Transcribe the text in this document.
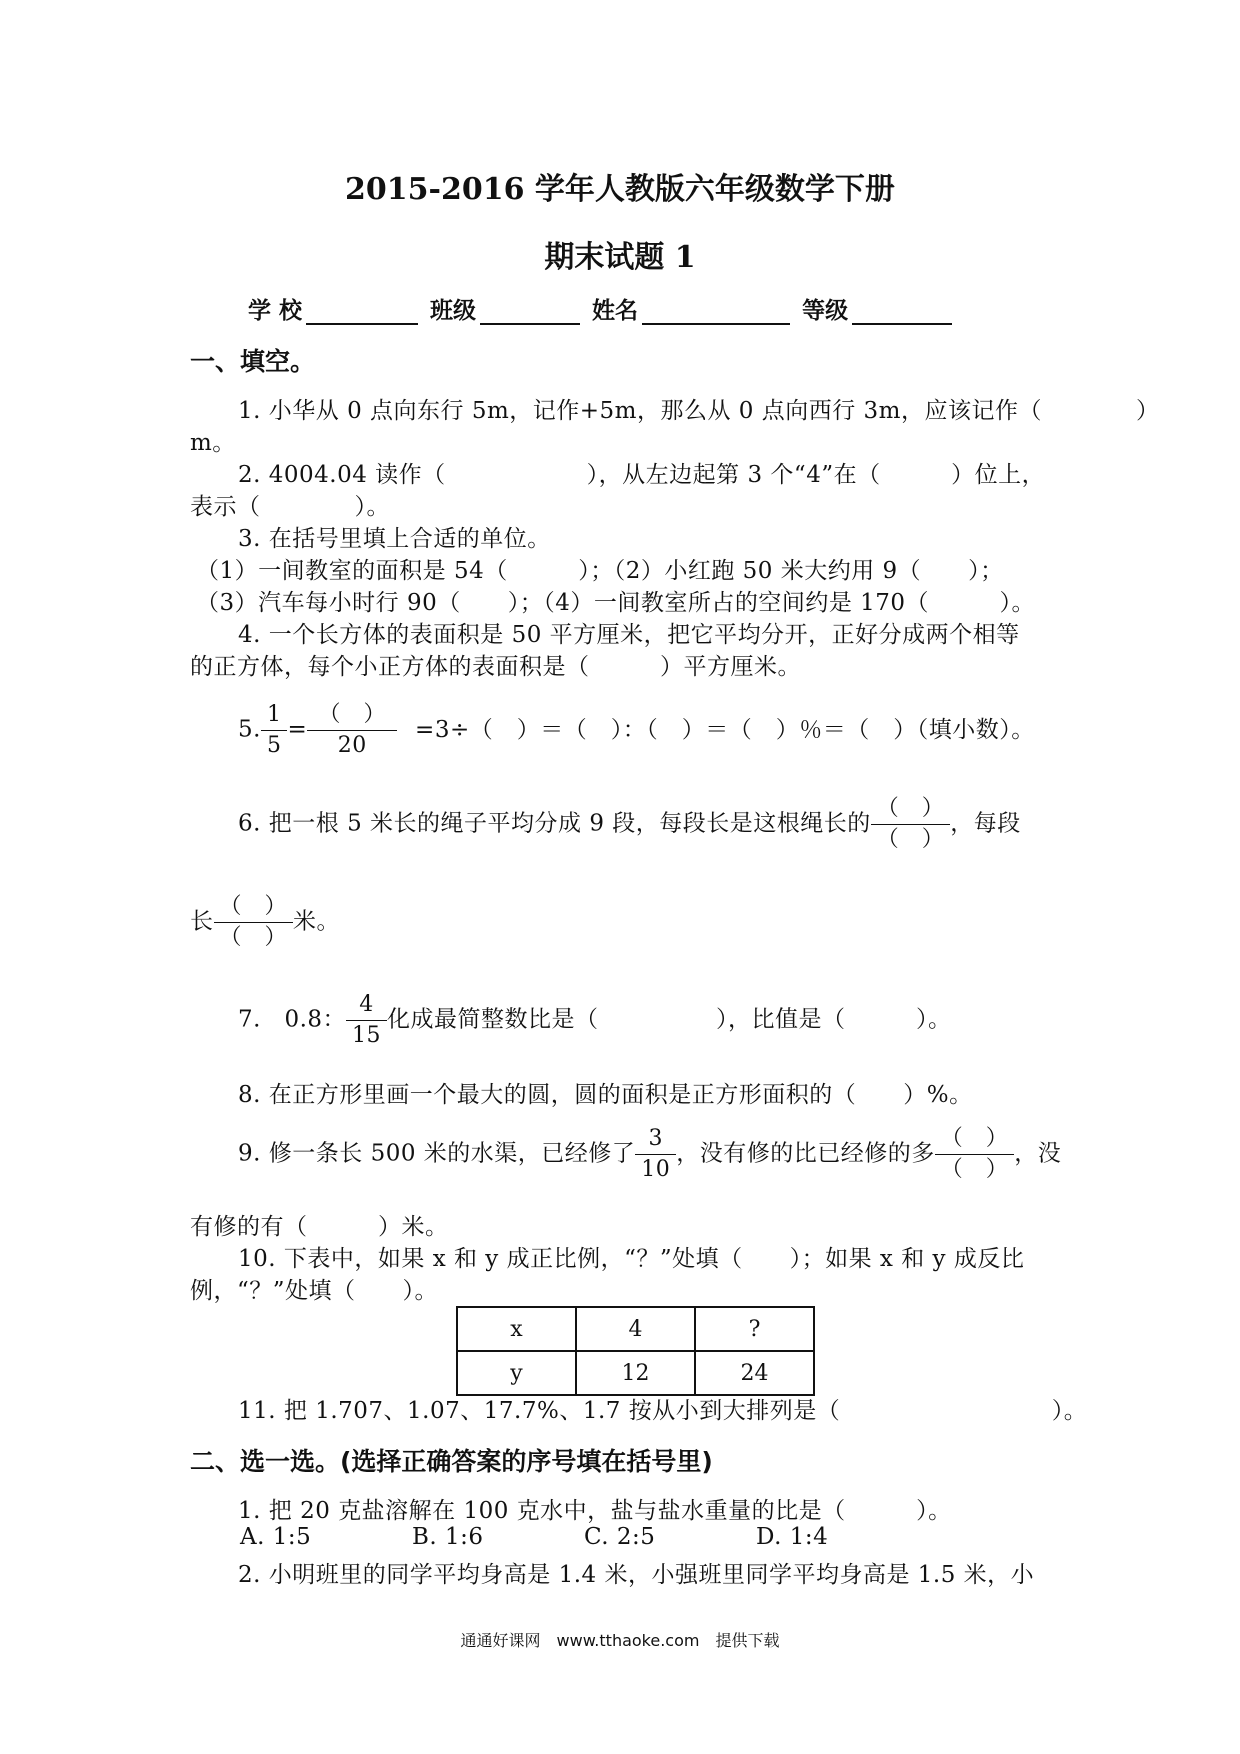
2015-2016 学年人教版六年级数学下册
期末试题 1
学 校	班级	姓名	等级
一、填空。
1. 小华从 0 点向东行 5m，记作+5m，那么从 0 点向西行 3m，应该记作（　　　　）
m。
2. 4004.04 读作（　　　　　　），从左边起第 3 个“4”在（　　　）位上，
表示（　　　　）。
3. 在括号里填上合适的单位。
（1）一间教室的面积是 54（　　　）；（2）小红跑 50 米大约用 9（　　）；
（3）汽车每小时行 90（　　）；（4）一间教室所占的空间约是 170（　　　）。
4. 一个长方体的表面积是 50 平方厘米，把它平均分开，正好分成两个相等
的正方体，每个小正方体的表面积是（　　　）平方厘米。
5. $\frac{1}{5} = \frac{( )}{20} =3\div$（　）＝（　）：（　）＝（　）％＝（　）（填小数）。
6. 把一根 5 米长的绳子平均分成 9 段，每段长是这根绳长的 $\frac{( )}{( )}$ ，每段
长 $\frac{( )}{( )}$ 米。
7.　0.8： $\frac{4}{15}$ 化成最简整数比是（　　　　　），比值是（　　　）。
8. 在正方形里画一个最大的圆，圆的面积是正方形面积的（　　）%。
9. 修一条长 500 米的水渠，已经修了 $\frac{3}{10}$ ，没有修的比已经修的多 $\frac{( )}{( )}$ ，没
有修的有（　　　）米。
10. 下表中，如果 x 和 y 成正比例，“？”处填（　　）；如果 x 和 y 成反比
例，“？”处填（　　）。
x	4	?
y	12	24
11. 把 1.707、1.07、17.7%、1.7 按从小到大排列是（　　　　　　　　　）。
二、选一选。(选择正确答案的序号填在括号里)
1. 把 20 克盐溶解在 100 克水中，盐与盐水重量的比是（　　　）。
A. 1:5	B. 1:6	C. 2:5	D. 1:4
2. 小明班里的同学平均身高是 1.4 米，小强班里同学平均身高是 1.5 米，小
通通好课网　www.tthaoke.com　提供下载
